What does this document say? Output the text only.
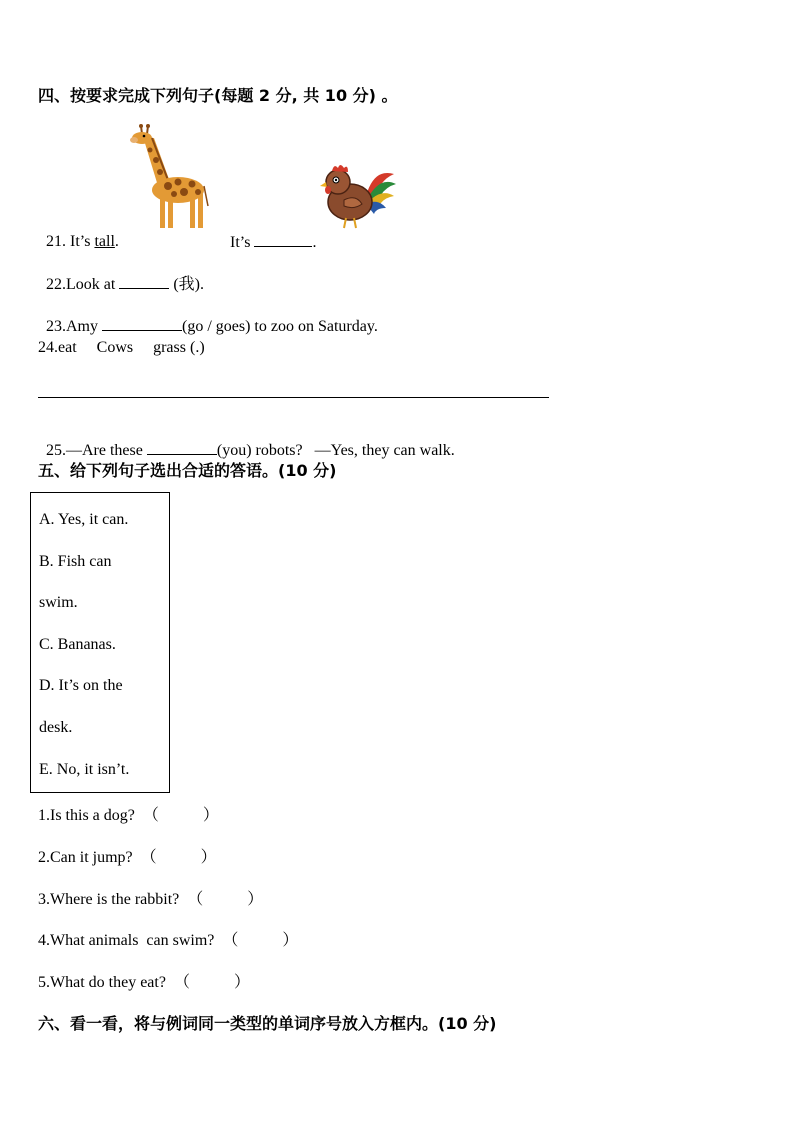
四、按要求完成下列句子(每题 2 分, 共 10 分) 。

21. It’s tall.	It’s	.

22.Look at	(我).

23.Amy	(go / goes) to zoo on Saturday.

24.eat     Cows     grass (.)

25.—Are these	(you) robots?   —Yes, they can walk.

五、给下列句子选出合适的答语。(10 分)
A. Yes, it can.
B. Fish can
swim.
C. Bananas.
D. It’s on the
desk.
E. No, it isn’t.
1.Is this a dog?  （           ）
2.Can it jump?  （           ）
3.Where is the rabbit?  （           ）
4.What animals  can swim?  （           ）
5.What do they eat?  （           ）
六、看一看，将与例词同一类型的单词序号放入方框内。(10 分)
